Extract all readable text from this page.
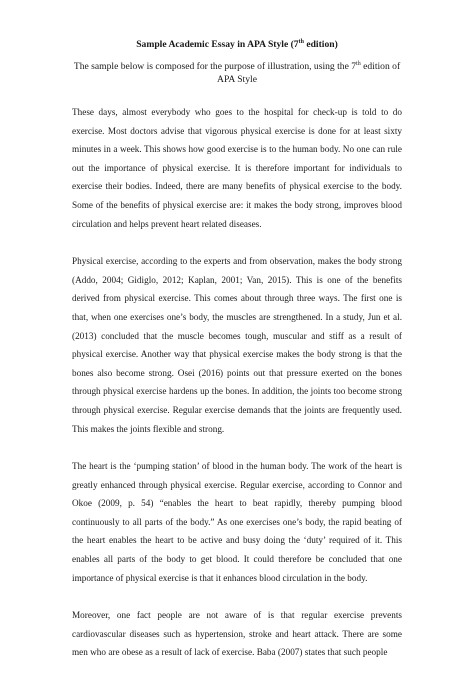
Sample Academic Essay in APA Style (7th edition)
The sample below is composed for the purpose of illustration, using the 7th edition of APA Style

These days, almost everybody who goes to the hospital for check-up is told to do exercise. Most doctors advise that vigorous physical exercise is done for at least sixty minutes in a week. This shows how good exercise is to the human body. No one can rule out the importance of physical exercise. It is therefore important for individuals to exercise their bodies. Indeed, there are many benefits of physical exercise to the body. Some of the benefits of physical exercise are: it makes the body strong, improves blood circulation and helps prevent heart related diseases.

Physical exercise, according to the experts and from observation, makes the body strong (Addo, 2004; Gidiglo, 2012; Kaplan, 2001; Van, 2015). This is one of the benefits derived from physical exercise. This comes about through three ways. The first one is that, when one exercises one’s body, the muscles are strengthened. In a study, Jun et al. (2013) concluded that the muscle becomes tough, muscular and stiff as a result of physical exercise. Another way that physical exercise makes the body strong is that the bones also become strong. Osei (2016) points out that pressure exerted on the bones through physical exercise hardens up the bones. In addition, the joints too become strong through physical exercise. Regular exercise demands that the joints are frequently used. This makes the joints flexible and strong.

The heart is the ‘pumping station’ of blood in the human body. The work of the heart is greatly enhanced through physical exercise. Regular exercise, according to Connor and Okoe (2009, p. 54) “enables the heart to beat rapidly, thereby pumping blood continuously to all parts of the body.” As one exercises one’s body, the rapid beating of the heart enables the heart to be active and busy doing the ‘duty’ required of it. This enables all parts of the body to get blood. It could therefore be concluded that one importance of physical exercise is that it enhances blood circulation in the body.

Moreover, one fact people are not aware of is that regular exercise prevents cardiovascular diseases such as hypertension, stroke and heart attack. There are some men who are obese as a result of lack of exercise. Baba (2007) states that such people
